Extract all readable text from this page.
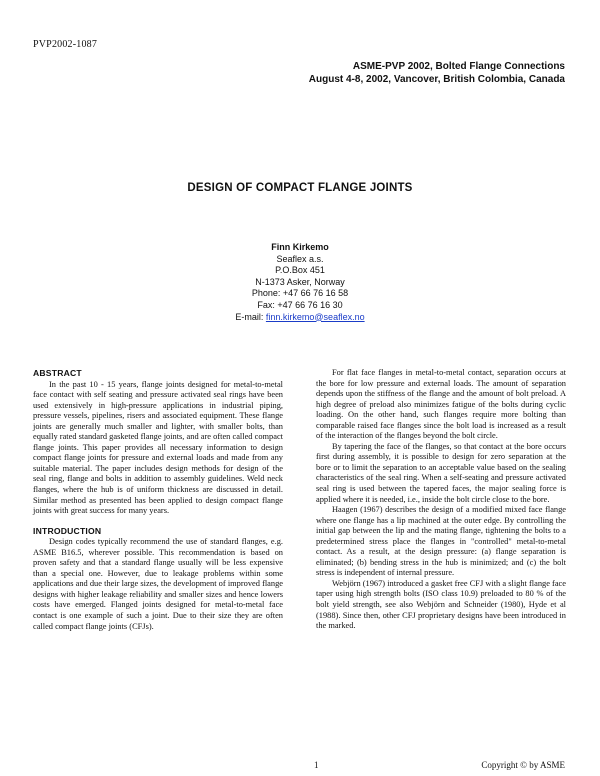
PVP2002-1087
ASME-PVP 2002, Bolted Flange Connections
August 4-8, 2002, Vancover, British Colombia, Canada
DESIGN OF COMPACT FLANGE JOINTS
Finn Kirkemo
Seaflex a.s.
P.O.Box 451
N-1373 Asker, Norway
Phone: +47 66 76 16 58
Fax: +47 66 76 16 30
E-mail: finn.kirkemo@seaflex.no
ABSTRACT

In the past 10 - 15 years, flange joints designed for metal-to-metal face contact with self seating and pressure activated seal rings have been used extensively in high-pressure applications in industrial piping, pressure vessels, pipelines, risers and associated equipment. These flange joints are generally much smaller and lighter, with smaller bolts, than equally rated standard gasketed flange joints, and are often called compact flange joints. This paper provides all necessary information to design compact flange joints for pressure and external loads and made from any suitable material. The paper includes design methods for design of the seal ring, flange and bolts in addition to assembly guidelines. Weld neck flanges, where the hub is of uniform thickness are discussed in detail. Similar method as presented has been applied to design compact flange joints with great success for many years.

INTRODUCTION

Design codes typically recommend the use of standard flanges, e.g. ASME B16.5, wherever possible. This recommendation is based on proven safety and that a standard flange usually will be less expensive than a special one. However, due to leakage problems within some applications and due their large sizes, the development of improved flange designs with higher leakage reliability and smaller sizes and hence lowers costs have emerged. Flanged joints designed for metal-to-metal face contact is one example of such a joint. Due to their size they are often called compact flange joints (CFJs).

For flat face flanges in metal-to-metal contact, separation occurs at the bore for low pressure and external loads. The amount of separation depends upon the stiffness of the flange and the amount of bolt preload. A high degree of preload also minimizes fatigue of the bolts during cyclic loading. On the other hand, such flanges require more bolting than comparable raised face flanges since the bolt load is increased as a result of the interaction of the flanges beyond the bolt circle.

By tapering the face of the flanges, so that contact at the bore occurs first during assembly, it is possible to design for zero separation at the bore or to limit the separation to an acceptable value based on the sealing characteristics of the seal ring. When a self-seating and pressure activated seal ring is used between the tapered faces, the major sealing force is applied where it is needed, i.e., inside the bolt circle close to the bore.

Haagen (1967) describes the design of a modified mixed face flange where one flange has a lip machined at the outer edge. By controlling the initial gap between the lip and the mating flange, tightening the bolts to a predetermined stress place the flanges in "controlled" metal-to-metal contact. As a result, at the design pressure: (a) flange separation is eliminated; (b) bending stress in the hub is minimized; and (c) the bolt stress is independent of internal pressure.

Webjörn (1967) introduced a gasket free CFJ with a slight flange face taper using high strength bolts (ISO class 10.9) preloaded to 80 % of the bolt yield strength, see also Webjörn and Schneider (1980), Hyde et al (1988). Since then, other CFJ proprietary designs have been introduced in the marked.

1	Copyright © by ASME
